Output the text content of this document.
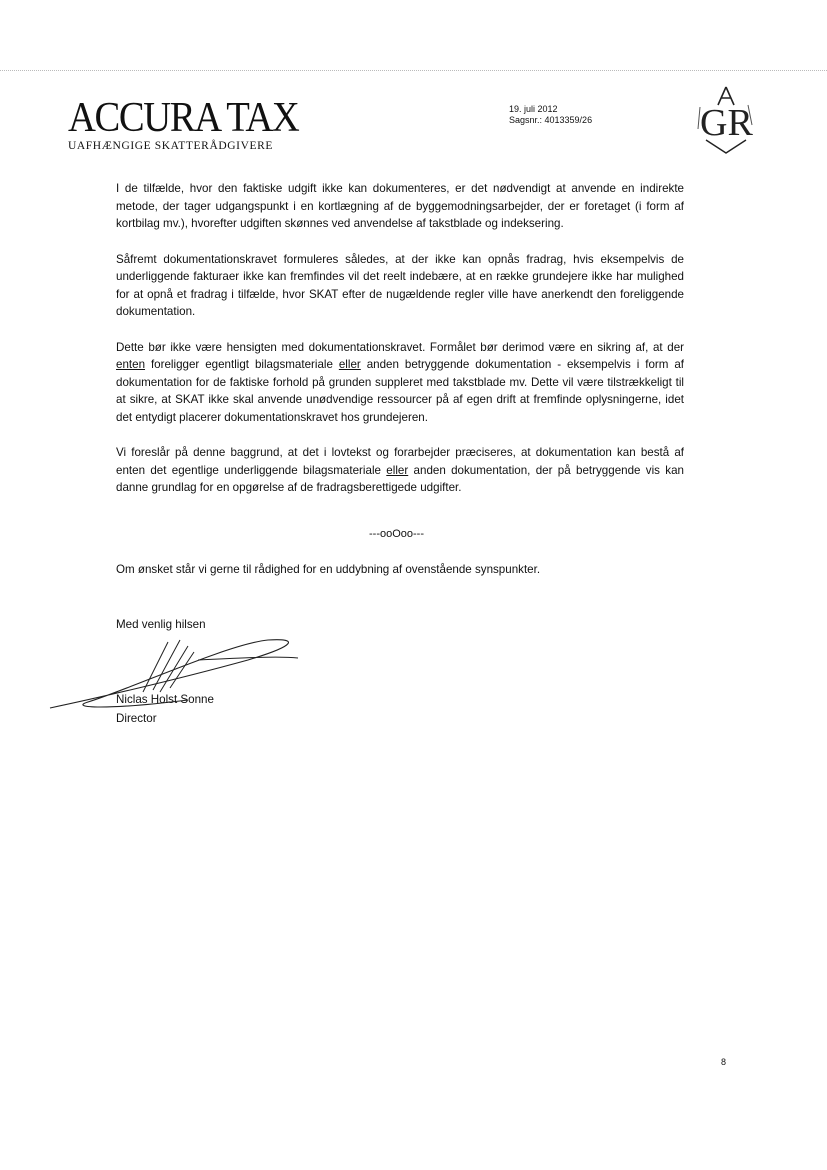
ACCURA TAX
UAFHÆNGIGE SKATTERÅDGIVERE
19. juli 2012
Sagsnr.: 4013359/26	GR

I de tilfælde, hvor den faktiske udgift ikke kan dokumenteres, er det nødvendigt at anvende en indirekte metode, der tager udgangspunkt i en kortlægning af de byggemodningsarbejder, der er foretaget (i form af kortbilag mv.), hvorefter udgiften skønnes ved anvendelse af takstblade og indeksering.

Såfremt dokumentationskravet formuleres således, at der ikke kan opnås fradrag, hvis eksempelvis de underliggende fakturaer ikke kan fremfindes vil det reelt indebære, at en række grundejere ikke har mulighed for at opnå et fradrag i tilfælde, hvor SKAT efter de nugældende regler ville have anerkendt den foreliggende dokumentation.

Dette bør ikke være hensigten med dokumentationskravet. Formålet bør derimod være en sikring af, at der enten foreligger egentligt bilagsmateriale eller anden betryggende dokumentation - eksempelvis i form af dokumentation for de faktiske forhold på grunden suppleret med takstblade mv. Dette vil være tilstrækkeligt til at sikre, at SKAT ikke skal anvende unødvendige ressourcer på af egen drift at fremfinde oplysningerne, idet det entydigt placerer dokumentationskravet hos grundejeren.

Vi foreslår på denne baggrund, at det i lovtekst og forarbejder præciseres, at dokumentation kan bestå af enten det egentlige underliggende bilagsmateriale eller anden dokumentation, der på betryggende vis kan danne grundlag for en opgørelse af de fradragsberettigede udgifter.

---ooOoo---
Om ønsket står vi gerne til rådighed for en uddybning af ovenstående synspunkter.
Med venlig hilsen
Niclas Holst Sonne
Director
8
